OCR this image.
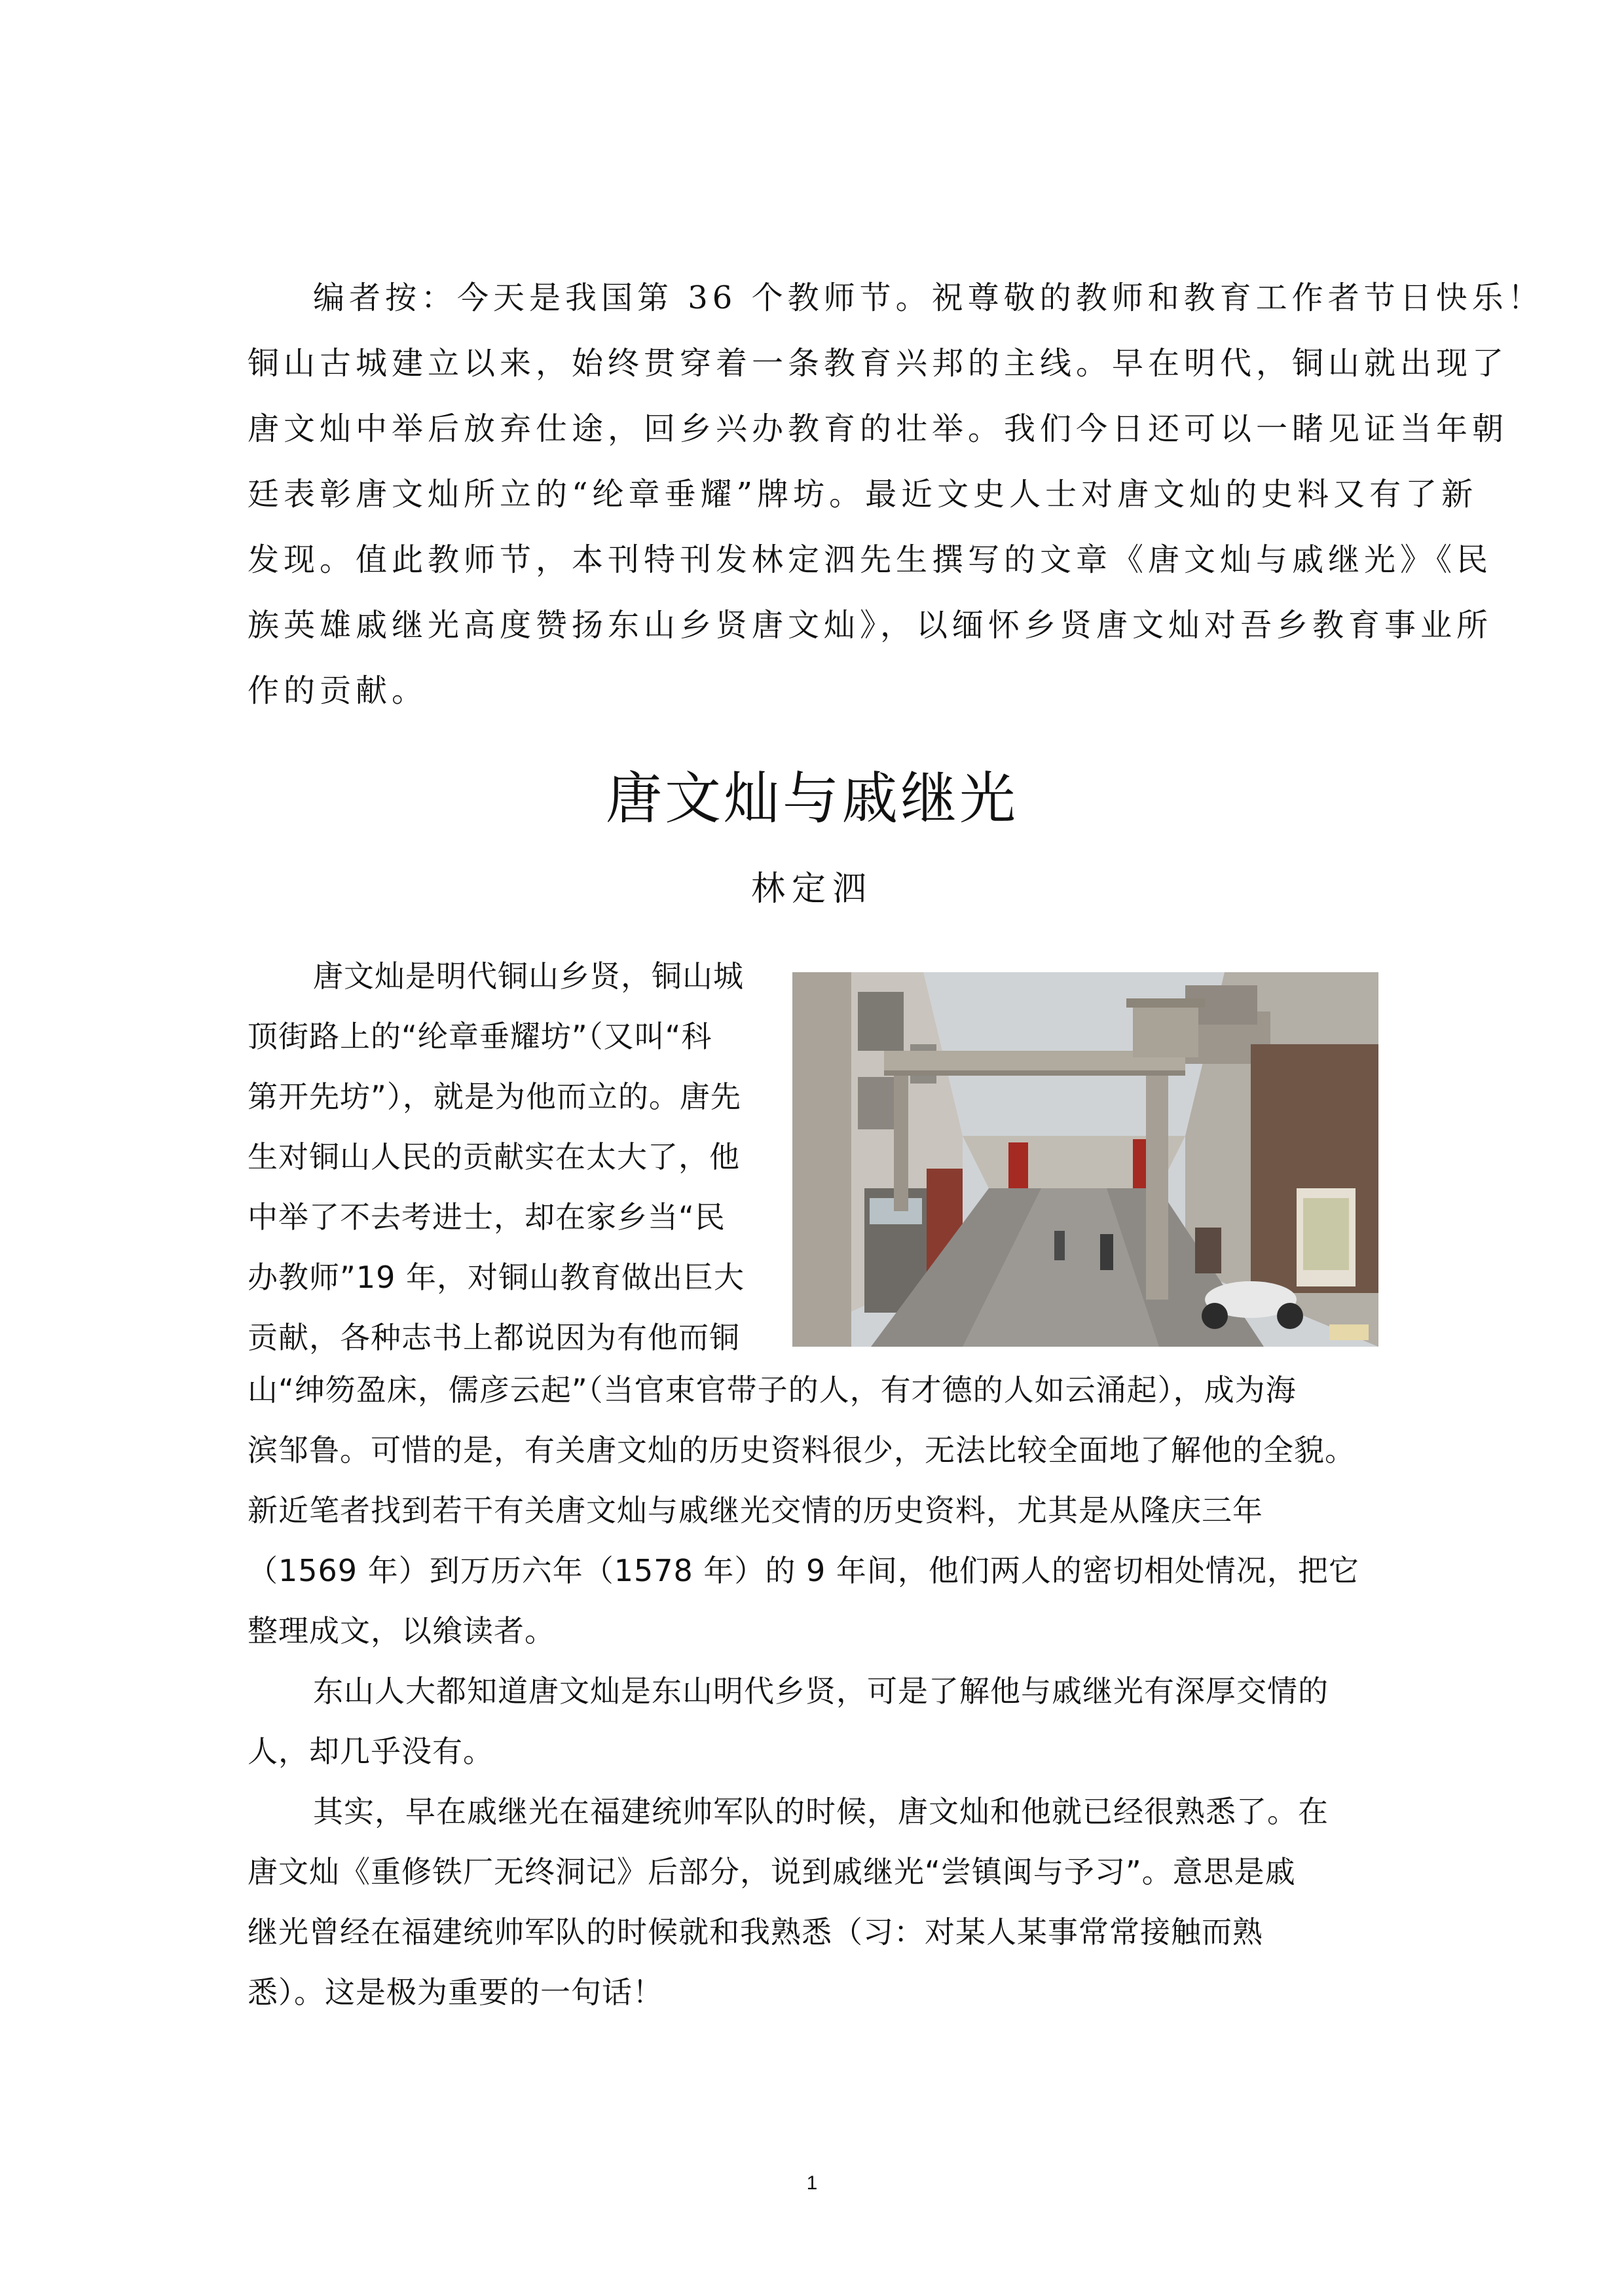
编者按：今天是我国第 36 个教师节。祝尊敬的教师和教育工作者节日快乐！
铜山古城建立以来，始终贯穿着一条教育兴邦的主线。早在明代，铜山就出现了
唐文灿中举后放弃仕途，回乡兴办教育的壮举。我们今日还可以一睹见证当年朝
廷表彰唐文灿所立的“纶章垂耀”牌坊。最近文史人士对唐文灿的史料又有了新
发现。值此教师节，本刊特刊发林定泗先生撰写的文章《唐文灿与戚继光》《民
族英雄戚继光高度赞扬东山乡贤唐文灿》，以缅怀乡贤唐文灿对吾乡教育事业所
作的贡献。
唐文灿与戚继光
林定泗
唐文灿是明代铜山乡贤，铜山城
顶街路上的“纶章垂耀坊”（又叫“科
第开先坊”），就是为他而立的。唐先
生对铜山人民的贡献实在太大了，他
中举了不去考进士，却在家乡当“民
办教师”19 年，对铜山教育做出巨大
贡献，各种志书上都说因为有他而铜
山“绅笏盈床，儒彦云起”（当官束官带子的人，有才德的人如云涌起），成为海
滨邹鲁。可惜的是，有关唐文灿的历史资料很少，无法比较全面地了解他的全貌。
新近笔者找到若干有关唐文灿与戚继光交情的历史资料，尤其是从隆庆三年
（1569 年）到万历六年（1578 年）的 9 年间，他们两人的密切相处情况，把它
整理成文，以飨读者。
东山人大都知道唐文灿是东山明代乡贤，可是了解他与戚继光有深厚交情的
人，却几乎没有。
其实，早在戚继光在福建统帅军队的时候，唐文灿和他就已经很熟悉了。在
唐文灿《重修铁厂无终洞记》后部分，说到戚继光“尝镇闽与予习”。意思是戚
继光曾经在福建统帅军队的时候就和我熟悉（习：对某人某事常常接触而熟
悉）。这是极为重要的一句话！
1
